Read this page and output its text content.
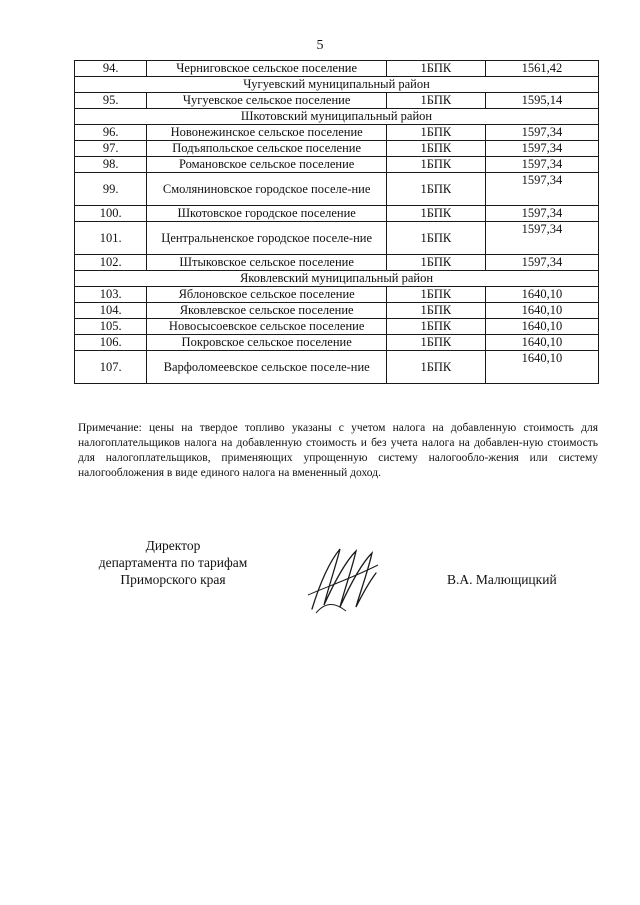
5
94.	Черниговское сельское поселение	1БПК	1561,42
Чугуевский муниципальный район			
95.	Чугуевское сельское поселение	1БПК	1595,14
Шкотовский муниципальный район			
96.	Новонежинское сельское поселение	1БПК	1597,34
97.	Подъяпольское сельское поселение	1БПК	1597,34
98.	Романовское сельское поселение	1БПК	1597,34
99.	Смоляниновское городское поселе-ние	1БПК	1597,34
100.	Шкотовское городское поселение	1БПК	1597,34
101.	Центральненское городское поселе-ние	1БПК	1597,34
102.	Штыковское сельское поселение	1БПК	1597,34
Яковлевский муниципальный район			
103.	Яблоновское сельское поселение	1БПК	1640,10
104.	Яковлевское сельское поселение	1БПК	1640,10
105.	Новосысоевское сельское поселение	1БПК	1640,10
106.	Покровское сельское поселение	1БПК	1640,10
107.	Варфоломеевское сельское поселе-ние	1БПК	1640,10
Примечание: цены на твердое топливо указаны с учетом налога на добавленную стоимость для налогоплательщиков налога на добавленную стоимость и без учета налога на добавлен-ную стоимость для налогоплательщиков, применяющих упрощенную систему налогообло-жения или систему налогообложения в виде единого налога на вмененный доход.
Директор
департамента по тарифам
Приморского края	В.А. Малющицкий
